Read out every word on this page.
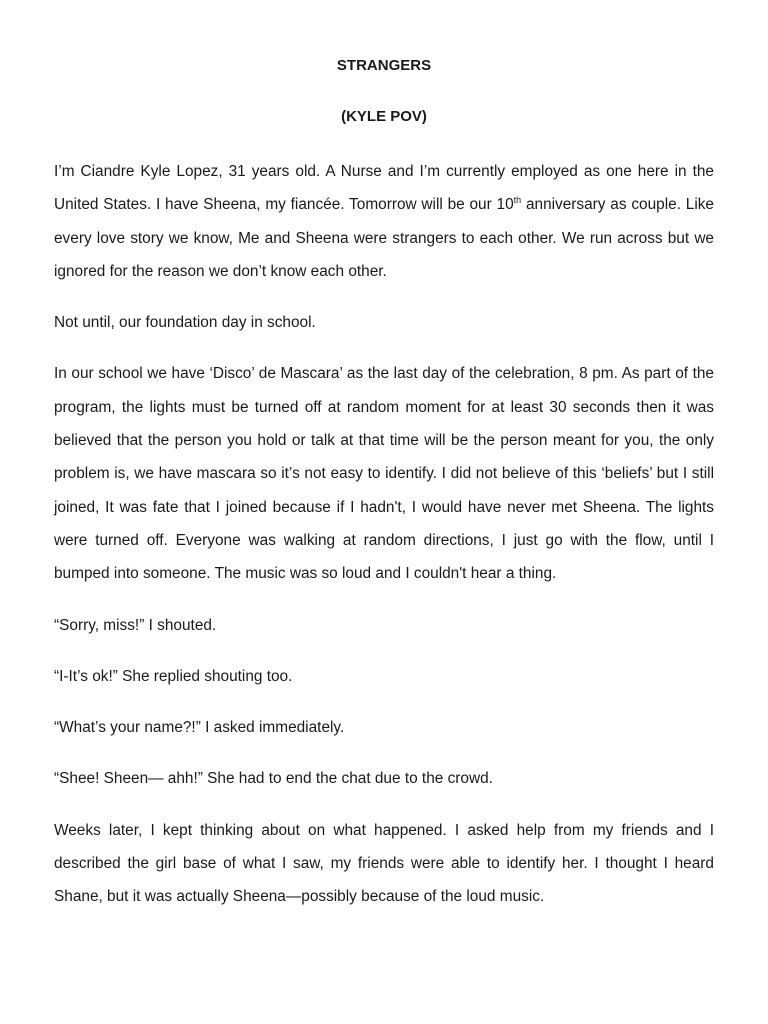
STRANGERS
(KYLE POV)

I’m Ciandre Kyle Lopez, 31 years old. A Nurse and I’m currently employed as one here in the United States. I have Sheena, my fiancée. Tomorrow will be our 10th anniversary as couple. Like every love story we know, Me and Sheena were strangers to each other. We run across but we ignored for the reason we don’t know each other.

Not until, our foundation day in school.

In our school we have ‘Disco’ de Mascara’ as the last day of the celebration, 8 pm. As part of the program, the lights must be turned off at random moment for at least 30 seconds then it was believed that the person you hold or talk at that time will be the person meant for you, the only problem is, we have mascara so it’s not easy to identify. I did not believe of this ‘beliefs’ but I still joined, It was fate that I joined because if I hadn't, I would have never met Sheena. The lights were turned off. Everyone was walking at random directions, I just go with the flow, until I bumped into someone. The music was so loud and I couldn't hear a thing.

“Sorry, miss!” I shouted.

“I-It’s ok!” She replied shouting too.

“What’s your name?!” I asked immediately.

“Shee! Sheen— ahh!” She had to end the chat due to the crowd.

Weeks later, I kept thinking about on what happened. I asked help from my friends and I described the girl base of what I saw, my friends were able to identify her. I thought I heard Shane, but it was actually Sheena—possibly because of the loud music.
